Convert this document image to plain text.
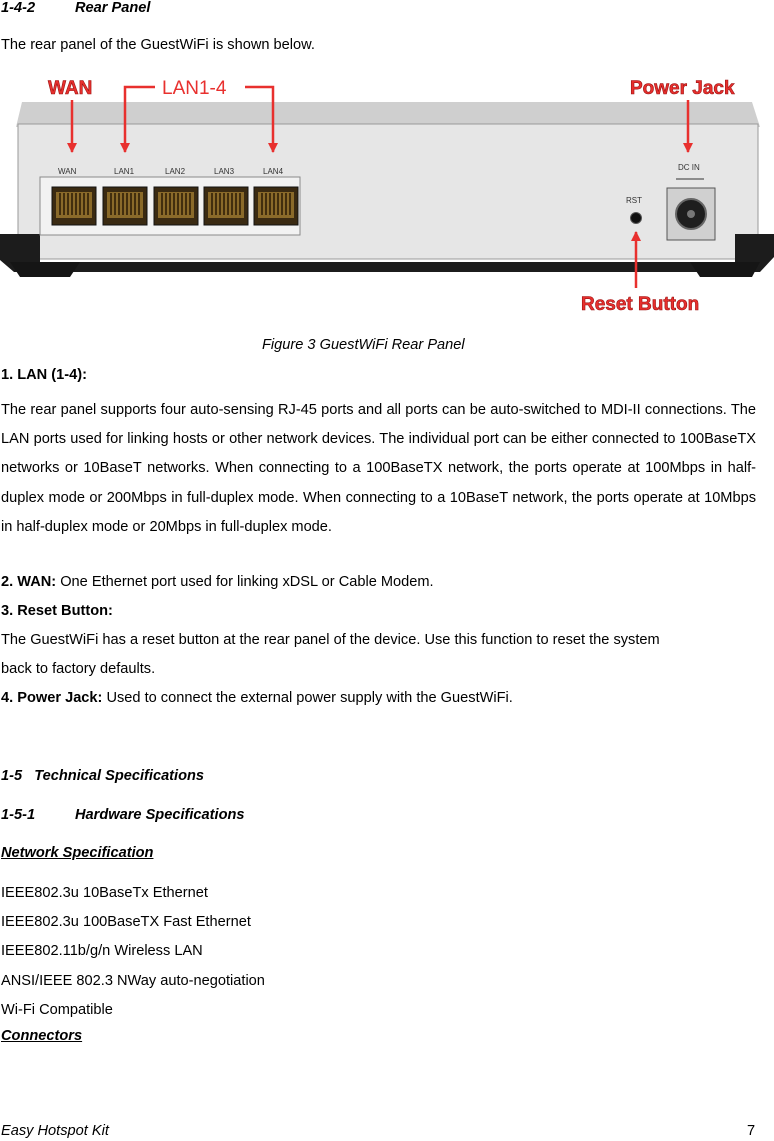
1-4-2	Rear Panel
The rear panel of the GuestWiFi is shown below.
WAN	LAN1	LAN2	LAN3	LAN4
RST
DC IN
WAN	LAN1-4	Power Jack
Reset Button
Figure 3 GuestWiFi Rear Panel
1. LAN (1-4):
The rear panel supports four auto-sensing RJ-45 ports and all ports can be auto-switched to MDI-II connections. The LAN ports used for linking hosts or other network devices. The individual port can be either connected to 100BaseTX networks or 10BaseT networks. When connecting to a 100BaseTX network, the ports operate at 100Mbps in half-duplex mode or 200Mbps in full-duplex mode. When connecting to a 10BaseT network, the ports operate at 10Mbps in half-duplex mode or 20Mbps in full-duplex mode.
2. WAN: One Ethernet port used for linking xDSL or Cable Modem.
3. Reset Button:
The GuestWiFi has a reset button at the rear panel of the device. Use this function to reset the system
back to factory defaults.
4. Power Jack: Used to connect the external power supply with the GuestWiFi.
1-5 Technical Specifications
1-5-1	Hardware Specifications
Network Specification
IEEE802.3u 10BaseTx Ethernet
IEEE802.3u 100BaseTX Fast Ethernet
IEEE802.11b/g/n Wireless LAN
ANSI/IEEE 802.3 NWay auto-negotiation
Wi-Fi Compatible
Connectors
Easy Hotspot Kit	7
